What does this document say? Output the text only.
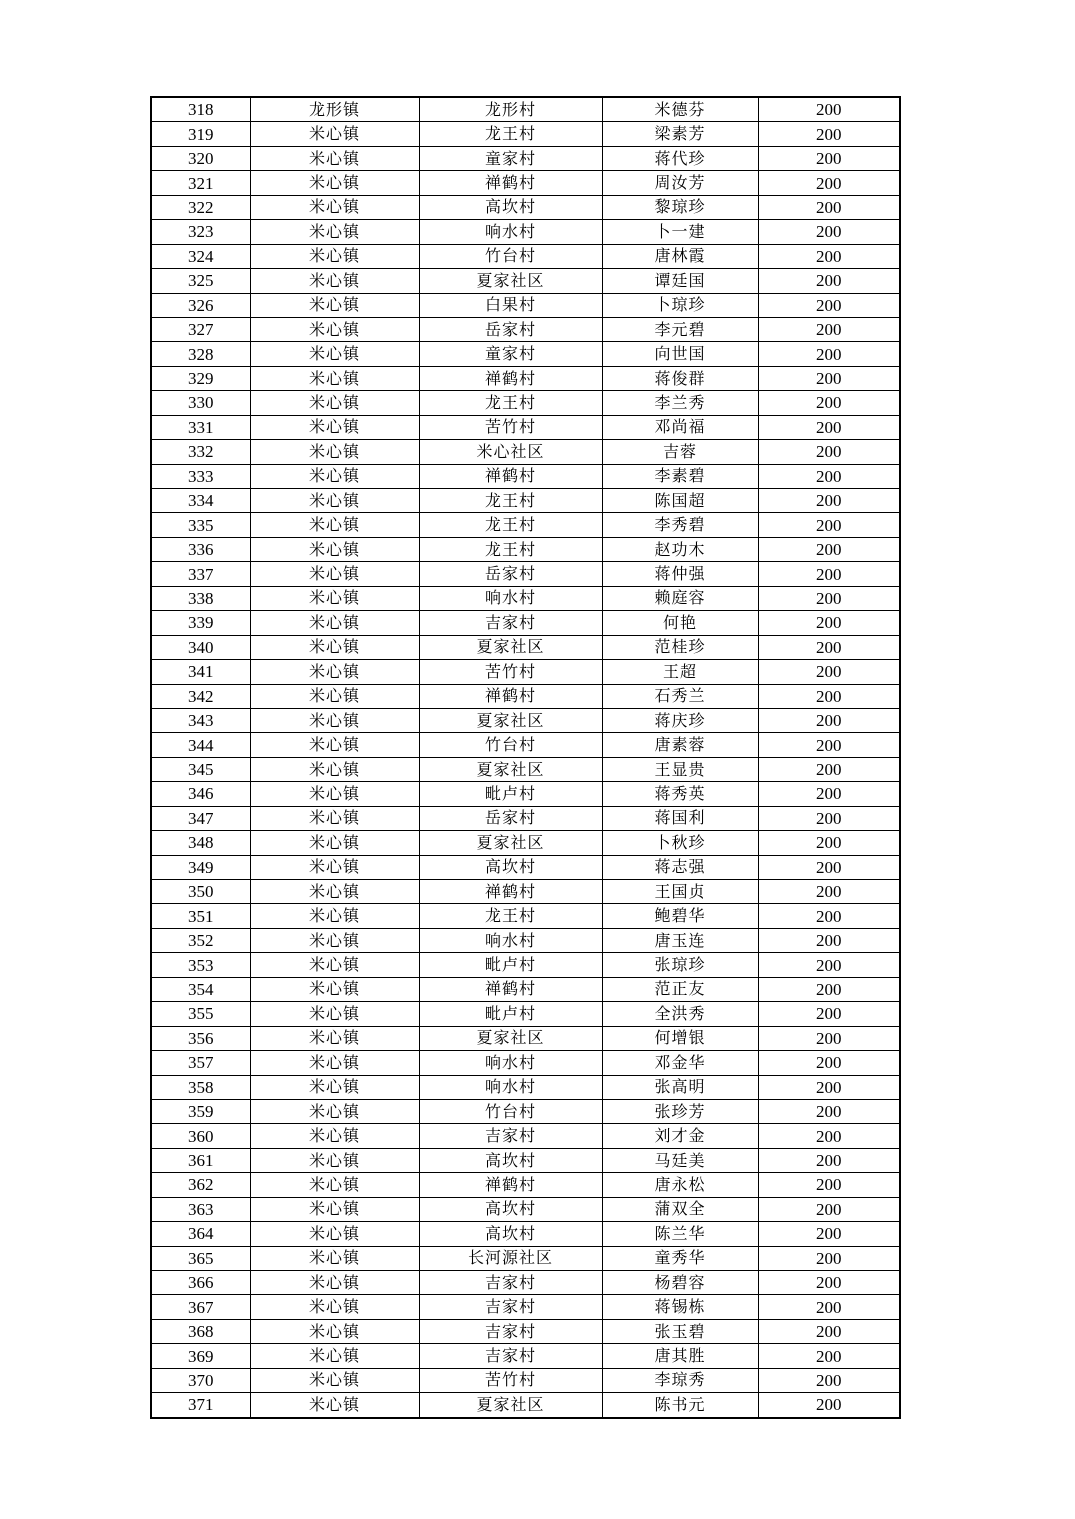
318	龙形镇	龙形村	米德芬	200
319	米心镇	龙王村	梁素芳	200
320	米心镇	童家村	蒋代珍	200
321	米心镇	禅鹤村	周汝芳	200
322	米心镇	高坎村	黎琼珍	200
323	米心镇	响水村	卜一建	200
324	米心镇	竹台村	唐林霞	200
325	米心镇	夏家社区	谭廷国	200
326	米心镇	白果村	卜琼珍	200
327	米心镇	岳家村	李元碧	200
328	米心镇	童家村	向世国	200
329	米心镇	禅鹤村	蒋俊群	200
330	米心镇	龙王村	李兰秀	200
331	米心镇	苦竹村	邓尚福	200
332	米心镇	米心社区	吉蓉	200
333	米心镇	禅鹤村	李素碧	200
334	米心镇	龙王村	陈国超	200
335	米心镇	龙王村	李秀碧	200
336	米心镇	龙王村	赵功木	200
337	米心镇	岳家村	蒋仲强	200
338	米心镇	响水村	赖庭容	200
339	米心镇	吉家村	何艳	200
340	米心镇	夏家社区	范桂珍	200
341	米心镇	苦竹村	王超	200
342	米心镇	禅鹤村	石秀兰	200
343	米心镇	夏家社区	蒋庆珍	200
344	米心镇	竹台村	唐素蓉	200
345	米心镇	夏家社区	王显贵	200
346	米心镇	毗卢村	蒋秀英	200
347	米心镇	岳家村	蒋国利	200
348	米心镇	夏家社区	卜秋珍	200
349	米心镇	高坎村	蒋志强	200
350	米心镇	禅鹤村	王国贞	200
351	米心镇	龙王村	鲍碧华	200
352	米心镇	响水村	唐玉连	200
353	米心镇	毗卢村	张琼珍	200
354	米心镇	禅鹤村	范正友	200
355	米心镇	毗卢村	全洪秀	200
356	米心镇	夏家社区	何增银	200
357	米心镇	响水村	邓金华	200
358	米心镇	响水村	张高明	200
359	米心镇	竹台村	张珍芳	200
360	米心镇	吉家村	刘才金	200
361	米心镇	高坎村	马廷美	200
362	米心镇	禅鹤村	唐永松	200
363	米心镇	高坎村	蒲双全	200
364	米心镇	高坎村	陈兰华	200
365	米心镇	长河源社区	童秀华	200
366	米心镇	吉家村	杨碧容	200
367	米心镇	吉家村	蒋锡栋	200
368	米心镇	吉家村	张玉碧	200
369	米心镇	吉家村	唐其胜	200
370	米心镇	苦竹村	李琼秀	200
371	米心镇	夏家社区	陈书元	200
